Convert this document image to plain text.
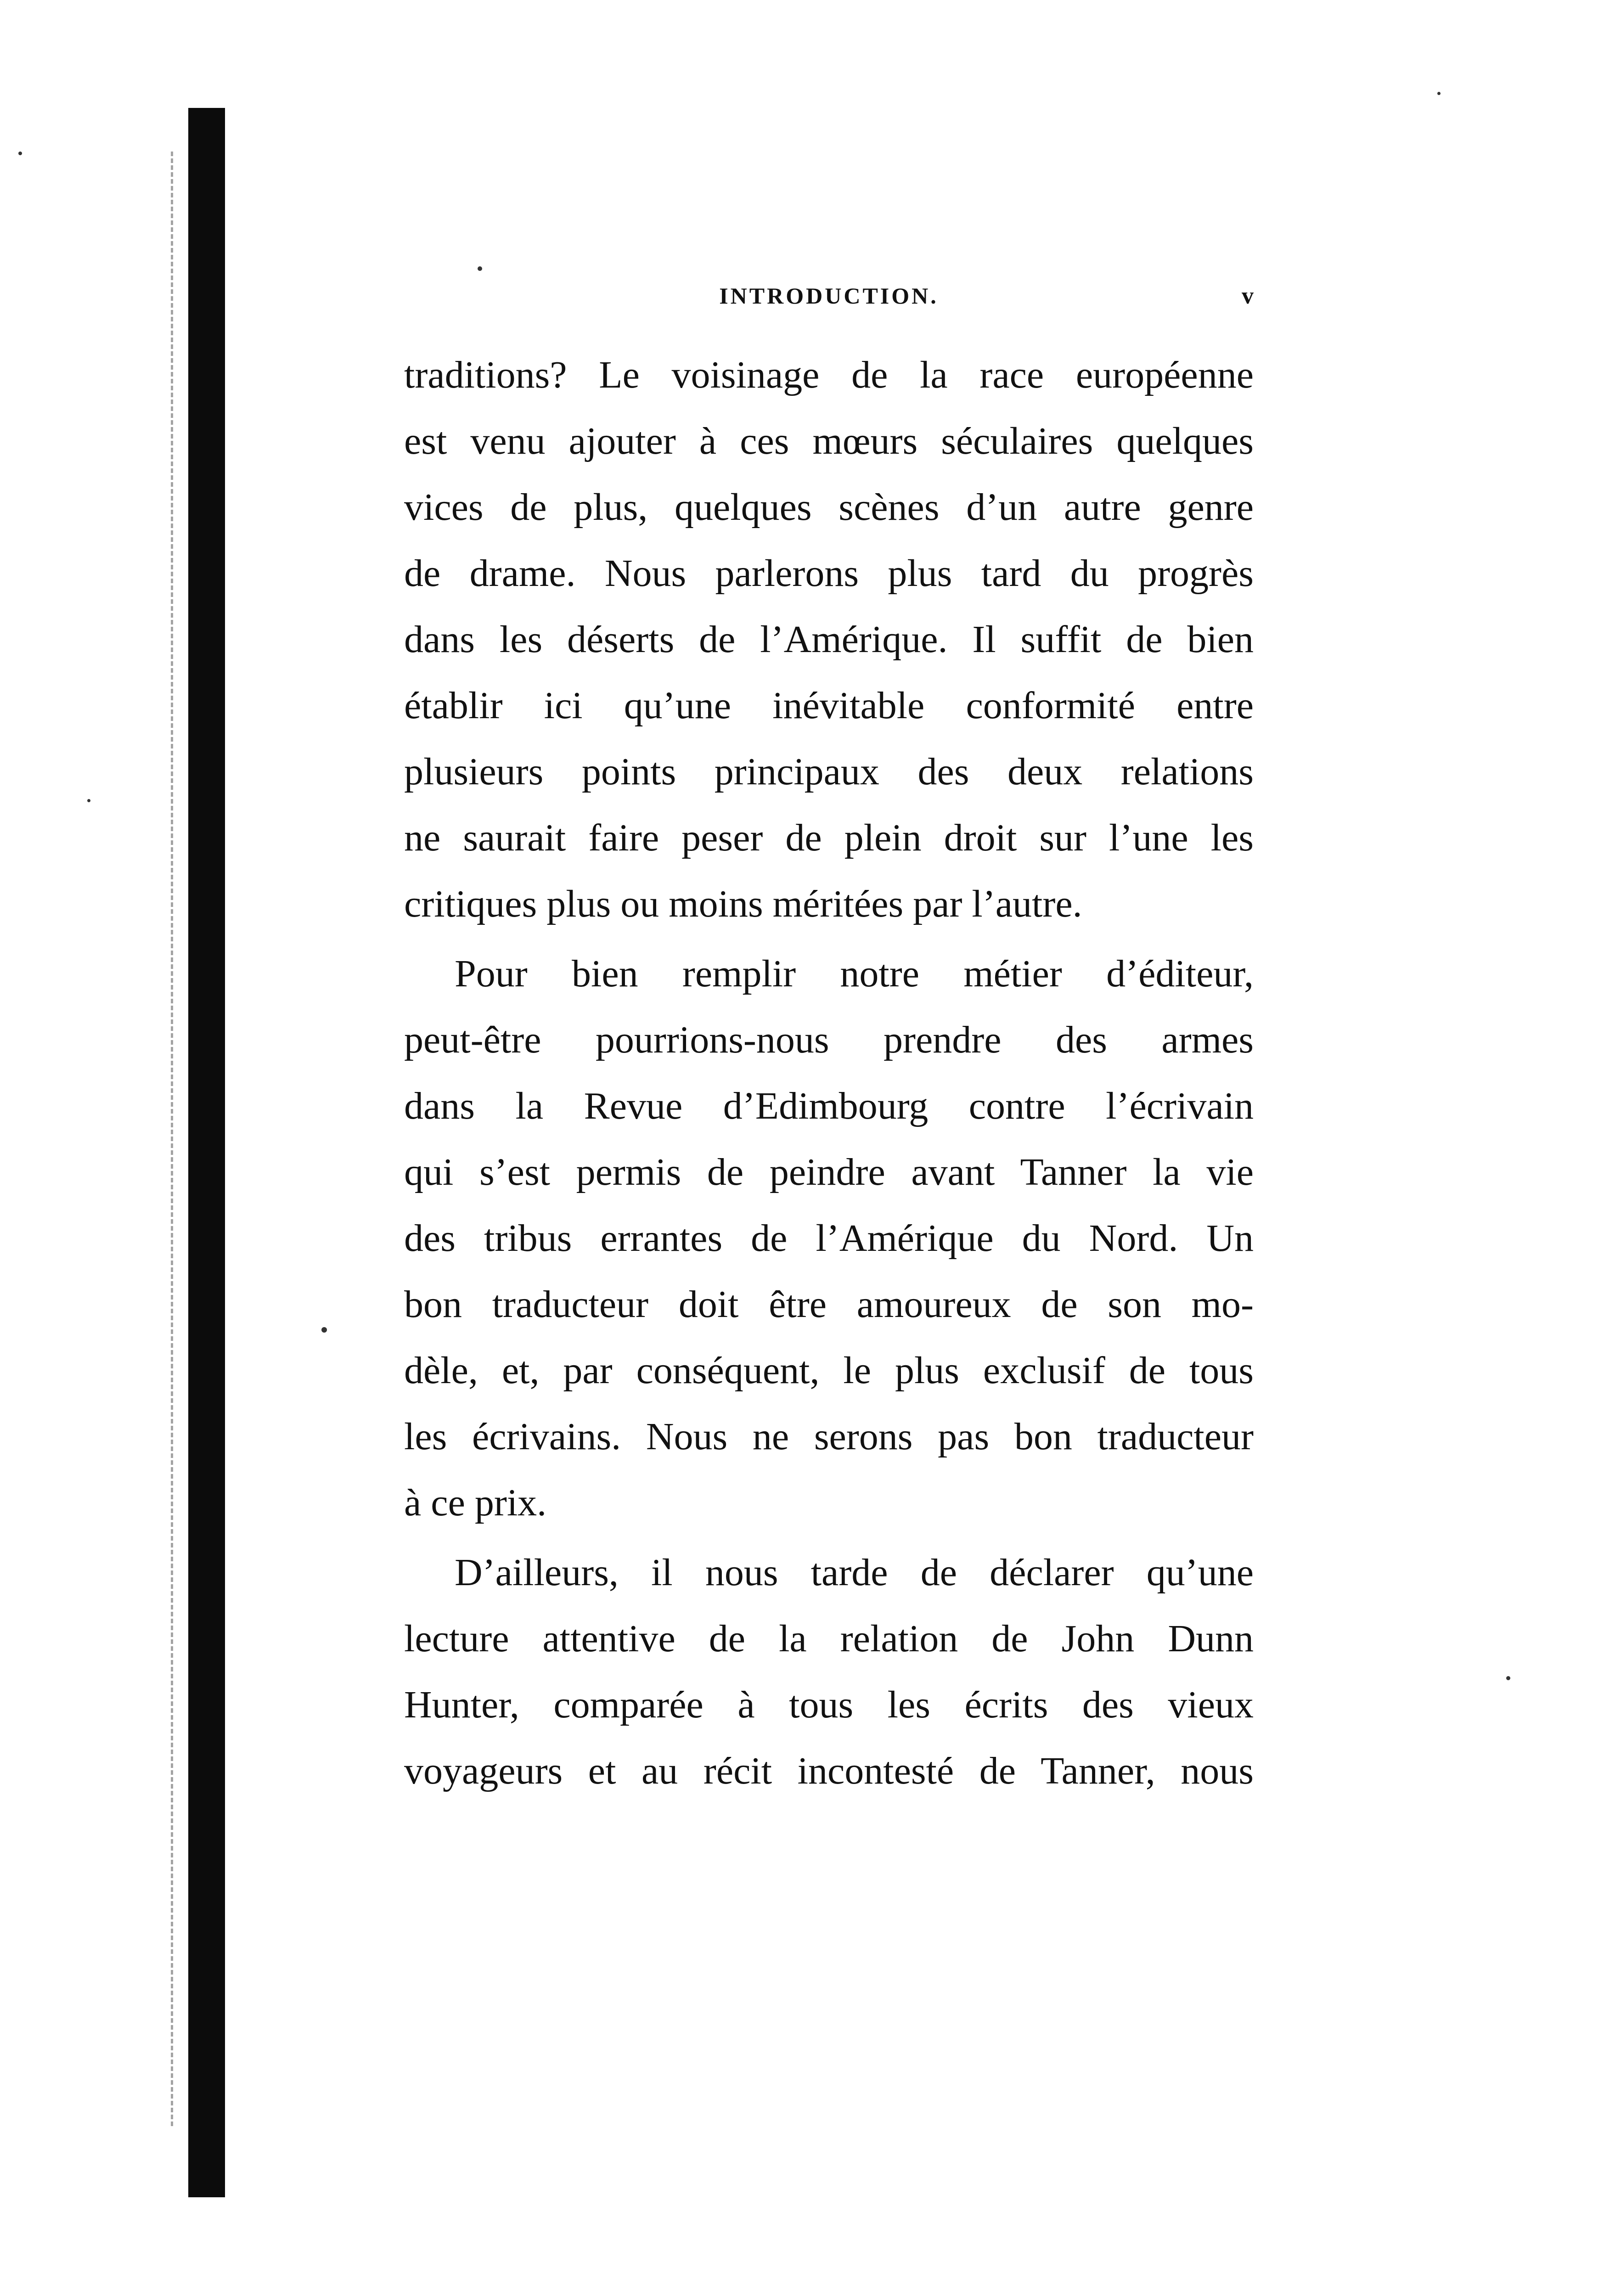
INTRODUCTION.	v
traditions? Le voisinage de la race européenne
est venu ajouter à ces mœurs séculaires quelques
vices de plus, quelques scènes d’un autre genre
de drame. Nous parlerons plus tard du progrès
dans les déserts de l’Amérique. Il suffit de bien
établir ici qu’une inévitable conformité entre
plusieurs points principaux des deux relations
ne saurait faire peser de plein droit sur l’une les
critiques plus ou moins méritées par l’autre.
Pour bien remplir notre métier d’éditeur,
peut-être pourrions-nous prendre des armes
dans la Revue d’Edimbourg contre l’écrivain
qui s’est permis de peindre avant Tanner la vie
des tribus errantes de l’Amérique du Nord. Un
bon traducteur doit être amoureux de son mo-
dèle, et, par conséquent, le plus exclusif de tous
les écrivains. Nous ne serons pas bon traducteur
à ce prix.
D’ailleurs, il nous tarde de déclarer qu’une
lecture attentive de la relation de John Dunn
Hunter, comparée à tous les écrits des vieux
voyageurs et au récit incontesté de Tanner, nous
